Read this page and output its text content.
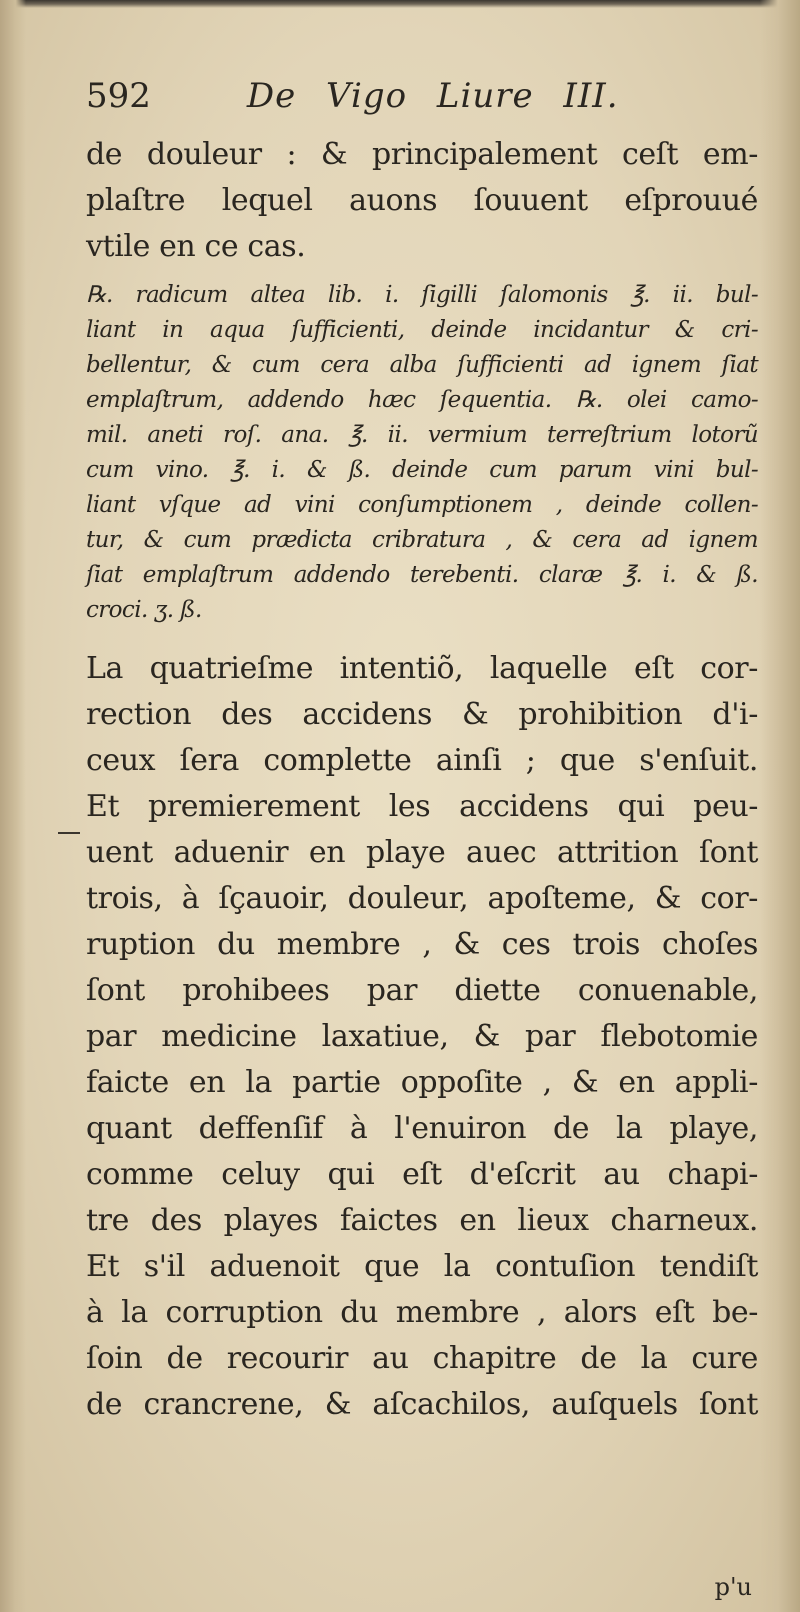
592	De Vigo Liure III.
de douleur : & principalement ceſt em-
plaſtre lequel auons ſouuent eſprouué
vtile en ce cas.
℞. radicum altea lib. i. ſigilli ſalomonis ℥. ii. bul-
liant in aqua ſufficienti, deinde incidantur & cri-
bellentur, & cum cera alba ſufficienti ad ignem ſiat
emplaſtrum, addendo hæc ſequentia. ℞. olei camo-
mil. aneti roſ. ana. ℥. ii. vermium terreſtrium lotorũ
cum vino. ℥. i. & ß. deinde cum parum vini bul-
liant vſque ad vini conſumptionem , deinde collen-
tur, & cum prædicta cribratura , & cera ad ignem
ſiat emplaſtrum addendo terebenti. claræ ℥. i. & ß.
croci. ʒ. ß.
La quatrieſme intentiõ, laquelle eſt cor-
rection des accidens & prohibition d'i-
ceux ſera complette ainſi ; que s'enſuit.
Et premierement les accidens qui peu-
uent aduenir en playe auec attrition ſont
trois, à ſçauoir, douleur, apoſteme, & cor-
ruption du membre , & ces trois choſes
ſont prohibees par diette conuenable,
par medicine laxatiue, & par flebotomie
faicte en la partie oppoſite , & en appli-
quant deffenſif à l'enuiron de la playe,
comme celuy qui eſt d'eſcrit au chapi-
tre des playes faictes en lieux charneux.
Et s'il aduenoit que la contuſion tendiſt
à la corruption du membre , alors eſt be-
ſoin de recourir au chapitre de la cure
de crancrene, & aſcachilos, auſquels ſont
p'u
